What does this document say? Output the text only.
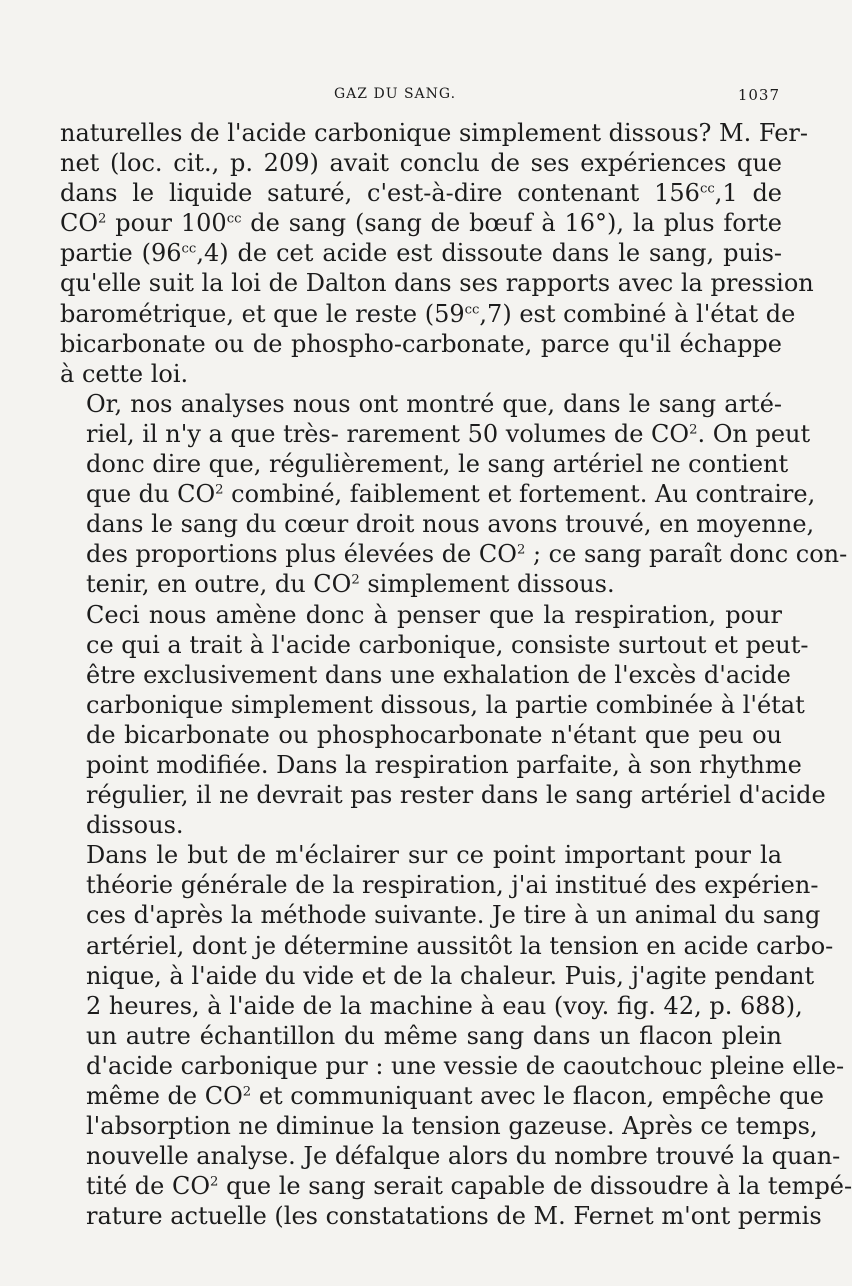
GAZ DU SANG.	1037

naturelles de l'acide carbonique simplement dissous? M. Fer-
net (loc. cit., p. 209) avait conclu de ses expériences que
dans le liquide saturé, c'est-à-dire contenant $156^{cc},1$ de
$CO^2$ pour $100^{cc}$ de sang (sang de bœuf à 16°), la plus forte
partie $(96^{cc},4)$ de cet acide est dissoute dans le sang, puis-
qu'elle suit la loi de Dalton dans ses rapports avec la pression
barométrique, et que le reste $(59^{cc},7)$ est combiné à l'état de
bicarbonate ou de phospho-carbonate, parce qu'il échappe
à cette loi.

Or, nos analyses nous ont montré que, dans le sang arté-
riel, il n'y a que très- rarement 50 volumes de $CO^2$. On peut
donc dire que, régulièrement, le sang artériel ne contient
que du $CO^2$ combiné, faiblement et fortement. Au contraire,
dans le sang du cœur droit nous avons trouvé, en moyenne,
des proportions plus élevées de $CO^2$ ; ce sang paraît donc con-
tenir, en outre, du $CO^2$ simplement dissous.

Ceci nous amène donc à penser que la respiration, pour
ce qui a trait à l'acide carbonique, consiste surtout et peut-
être exclusivement dans une exhalation de l'excès d'acide
carbonique simplement dissous, la partie combinée à l'état
de bicarbonate ou phosphocarbonate n'étant que peu ou
point modifiée. Dans la respiration parfaite, à son rhythme
régulier, il ne devrait pas rester dans le sang artériel d'acide
dissous.

Dans le but de m'éclairer sur ce point important pour la
théorie générale de la respiration, j'ai institué des expérien-
ces d'après la méthode suivante. Je tire à un animal du sang
artériel, dont je détermine aussitôt la tension en acide carbo-
nique, à l'aide du vide et de la chaleur. Puis, j'agite pendant
2 heures, à l'aide de la machine à eau (voy. fig. 42, p. 688),
un autre échantillon du même sang dans un flacon plein
d'acide carbonique pur : une vessie de caoutchouc pleine elle-
même de $CO^2$ et communiquant avec le flacon, empêche que
l'absorption ne diminue la tension gazeuse. Après ce temps,
nouvelle analyse. Je défalque alors du nombre trouvé la quan-
tité de $CO^2$ que le sang serait capable de dissoudre à la tempé-
rature actuelle (les constatations de M. Fernet m'ont permis
